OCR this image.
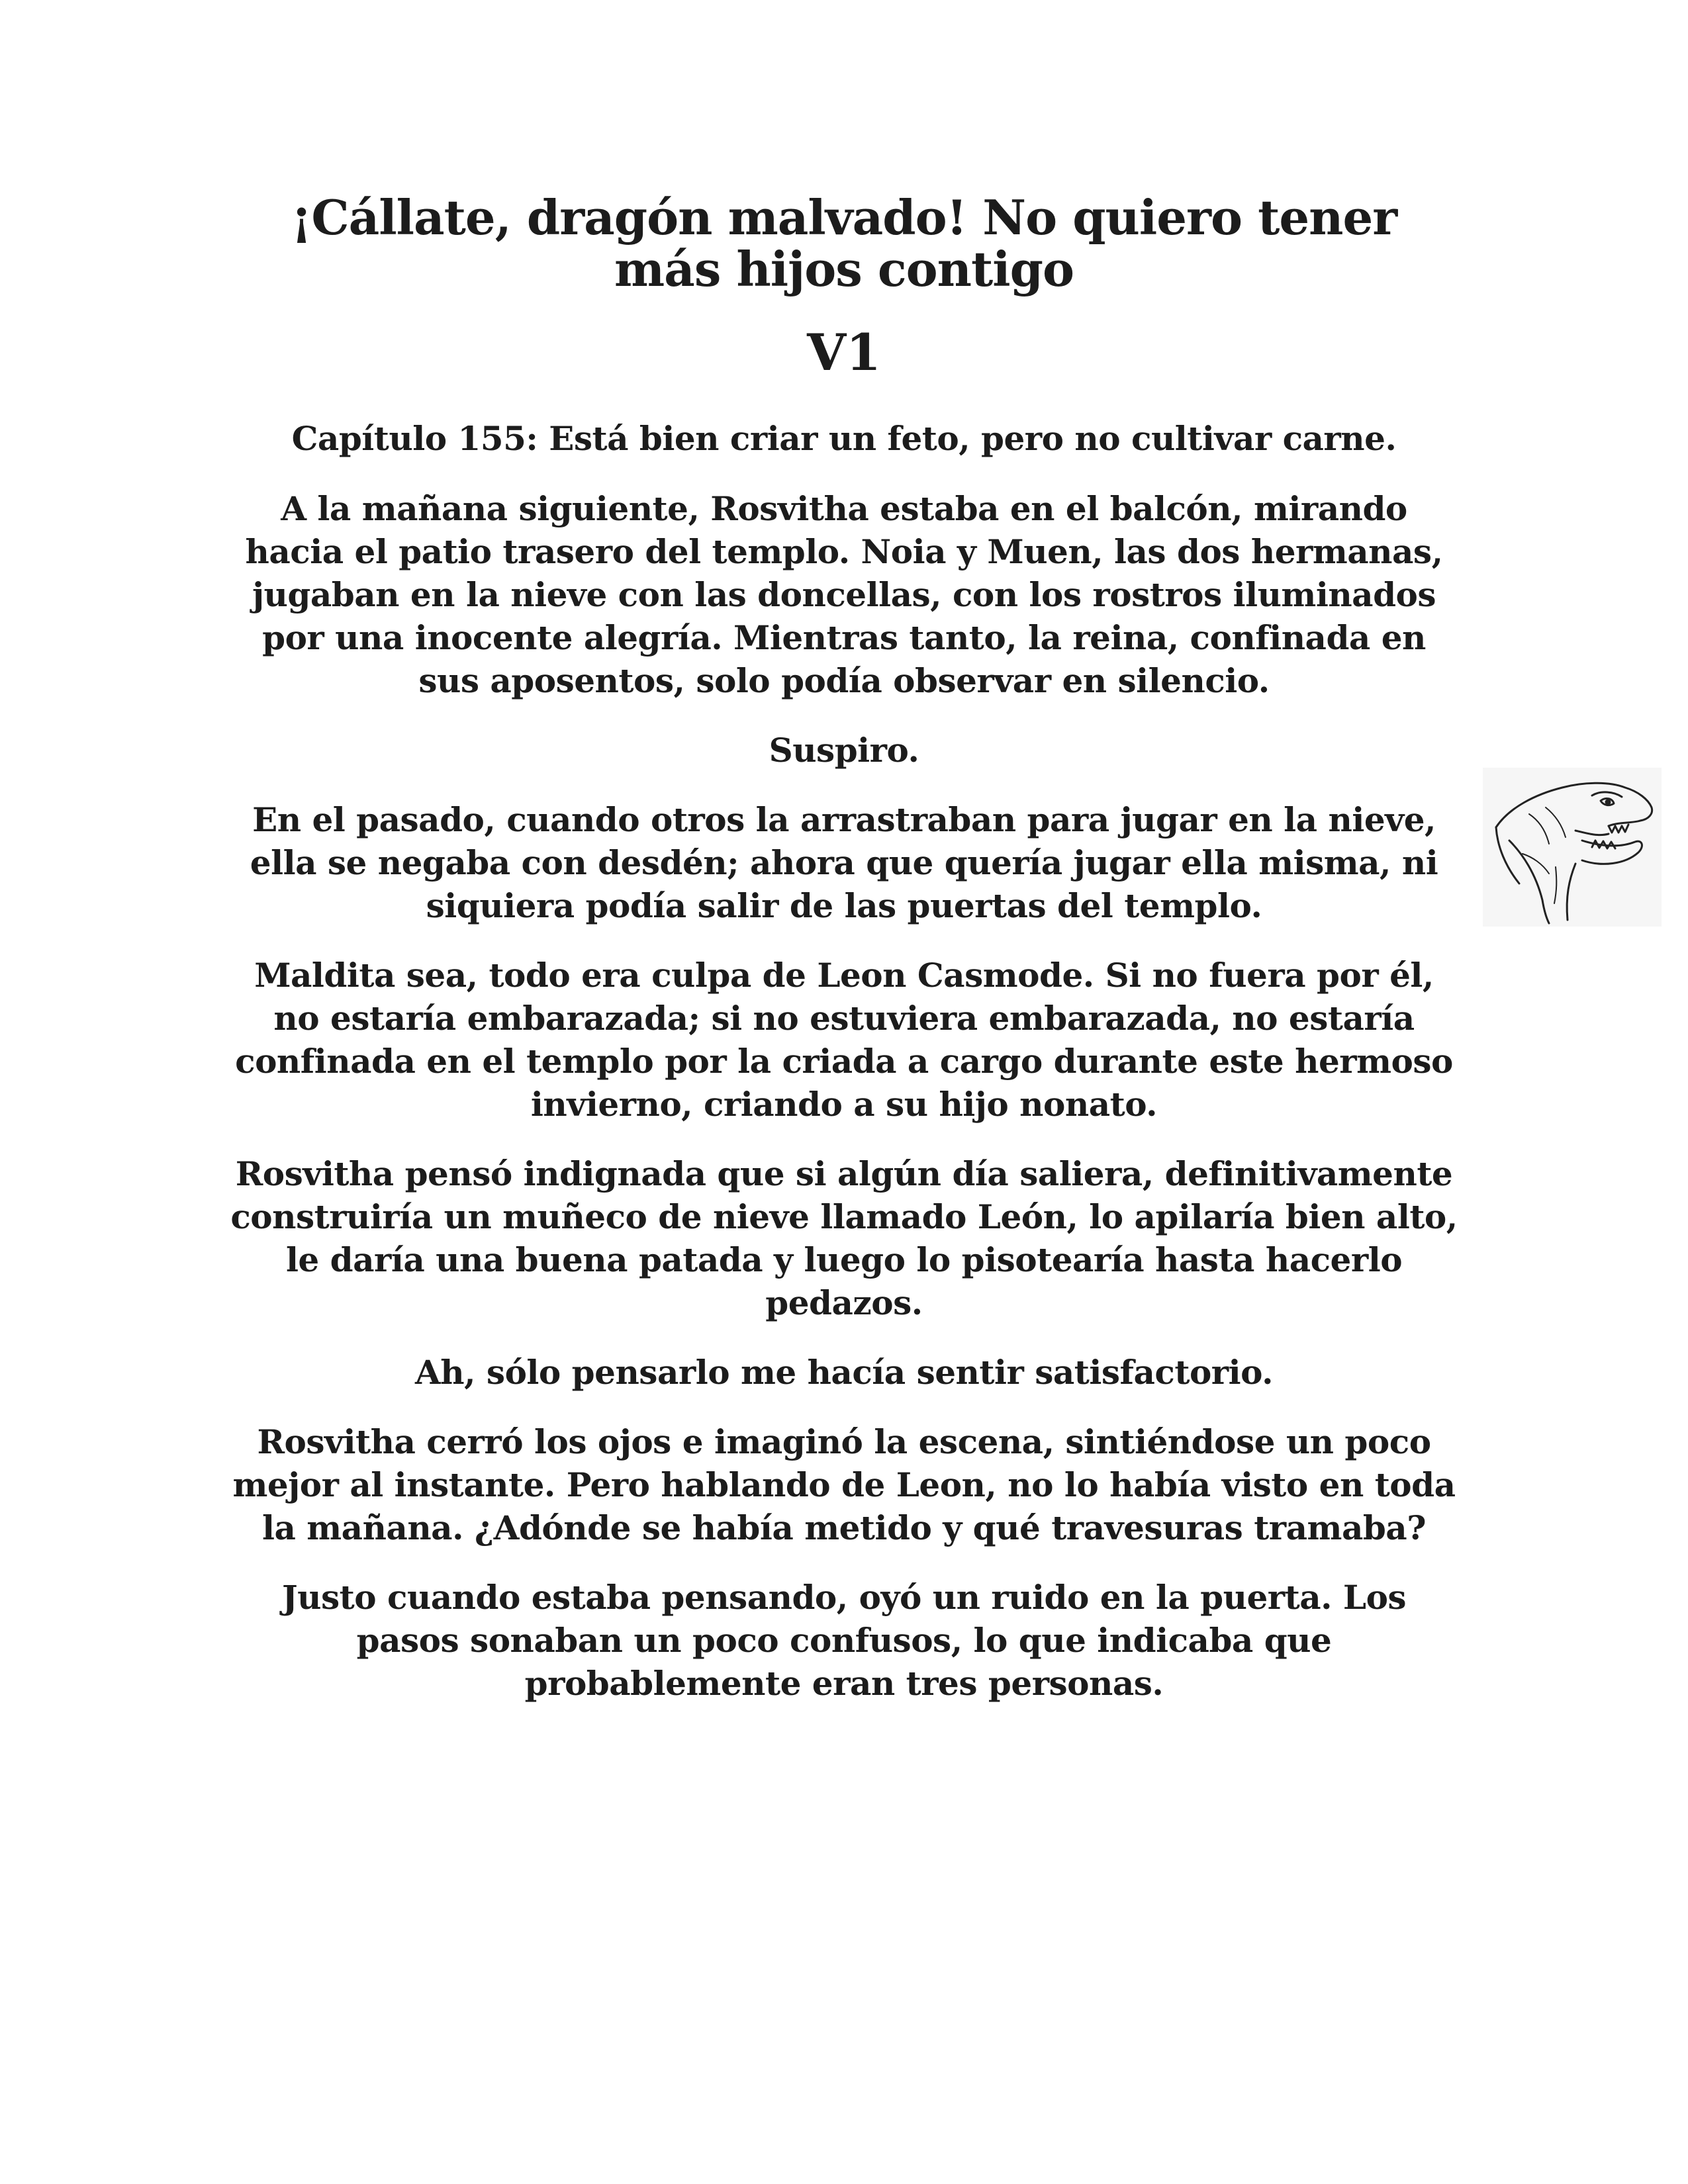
¡Cállate, dragón malvado! No quiero tener
más hijos contigo
V1
Capítulo 155: Está bien criar un feto, pero no cultivar carne.
A la mañana siguiente, Rosvitha estaba en el balcón, mirando hacia el patio trasero del templo. Noia y Muen, las dos hermanas, jugaban en la nieve con las doncellas, con los rostros iluminados por una inocente alegría. Mientras tanto, la reina, confinada en sus aposentos, solo podía observar en silencio.
Suspiro.
En el pasado, cuando otros la arrastraban para jugar en la nieve, ella se negaba con desdén; ahora que quería jugar ella misma, ni siquiera podía salir de las puertas del templo.
Maldita sea, todo era culpa de Leon Casmode. Si no fuera por él, no estaría embarazada; si no estuviera embarazada, no estaría confinada en el templo por la criada a cargo durante este hermoso invierno, criando a su hijo nonato.
Rosvitha pensó indignada que si algún día saliera, definitivamente construiría un muñeco de nieve llamado León, lo apilaría bien alto, le daría una buena patada y luego lo pisotearía hasta hacerlo pedazos.
Ah, sólo pensarlo me hacía sentir satisfactorio.
Rosvitha cerró los ojos e imaginó la escena, sintiéndose un poco mejor al instante. Pero hablando de Leon, no lo había visto en toda la mañana. ¿Adónde se había metido y qué travesuras tramaba?
Justo cuando estaba pensando, oyó un ruido en la puerta. Los pasos sonaban un poco confusos, lo que indicaba que probablemente eran tres personas.
